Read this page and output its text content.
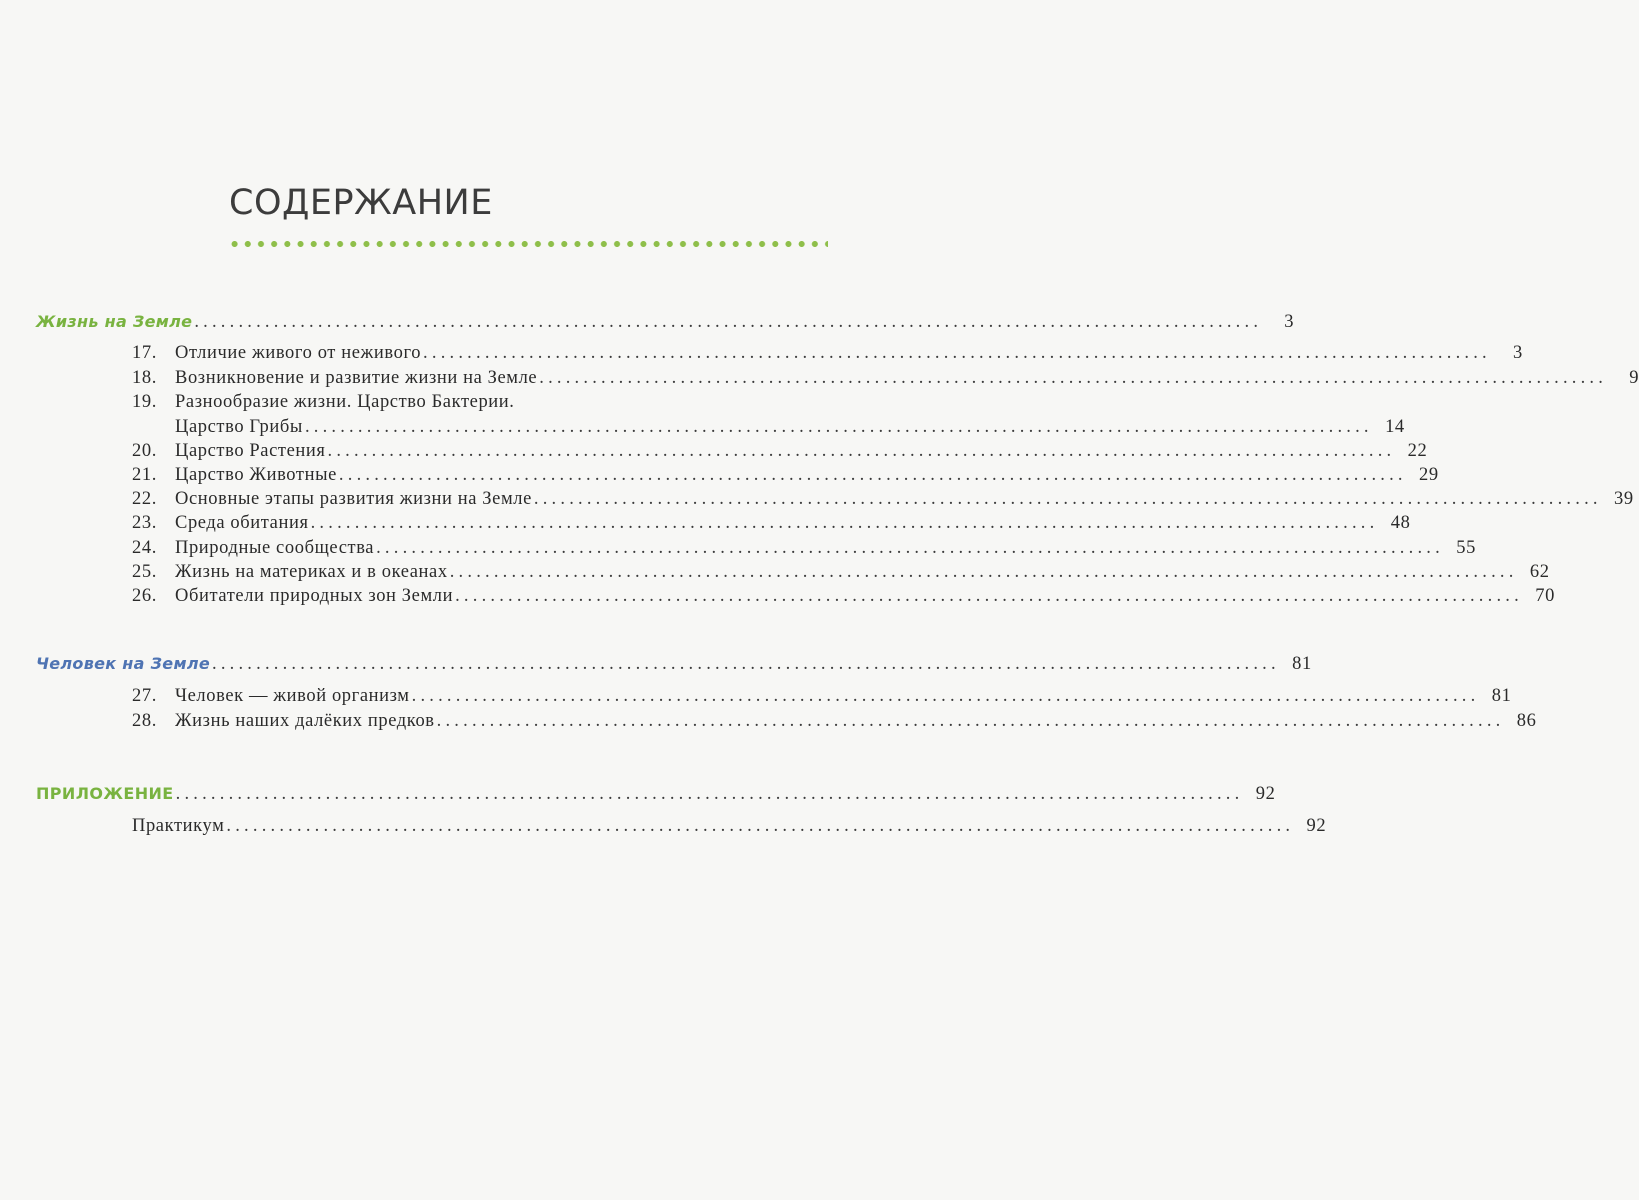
СОДЕРЖАНИЕ
Жизнь на Земле .........................................................................................................................	3
17. Отличие живого от неживого .........................................................................................................................	3
18. Возникновение и развитие жизни на Земле .........................................................................................................................	9
19. Разнообразие жизни. Царство Бактерии.
Царство Грибы ......................................................................................................................... 14
20. Царство Растения ......................................................................................................................... 22
21. Царство Животные ......................................................................................................................... 29
22. Основные этапы развития жизни на Земле ......................................................................................................................... 39
23. Среда обитания ......................................................................................................................... 48
24. Природные сообщества ......................................................................................................................... 55
25. Жизнь на материках и в океанах ......................................................................................................................... 62
26. Обитатели природных зон Земли ......................................................................................................................... 70
Человек на Земле ......................................................................................................................... 81
27. Человек — живой организм ......................................................................................................................... 81
28. Жизнь наших далёких предков ......................................................................................................................... 86
ПРИЛОЖЕНИЕ ......................................................................................................................... 92
Практикум ......................................................................................................................... 92
